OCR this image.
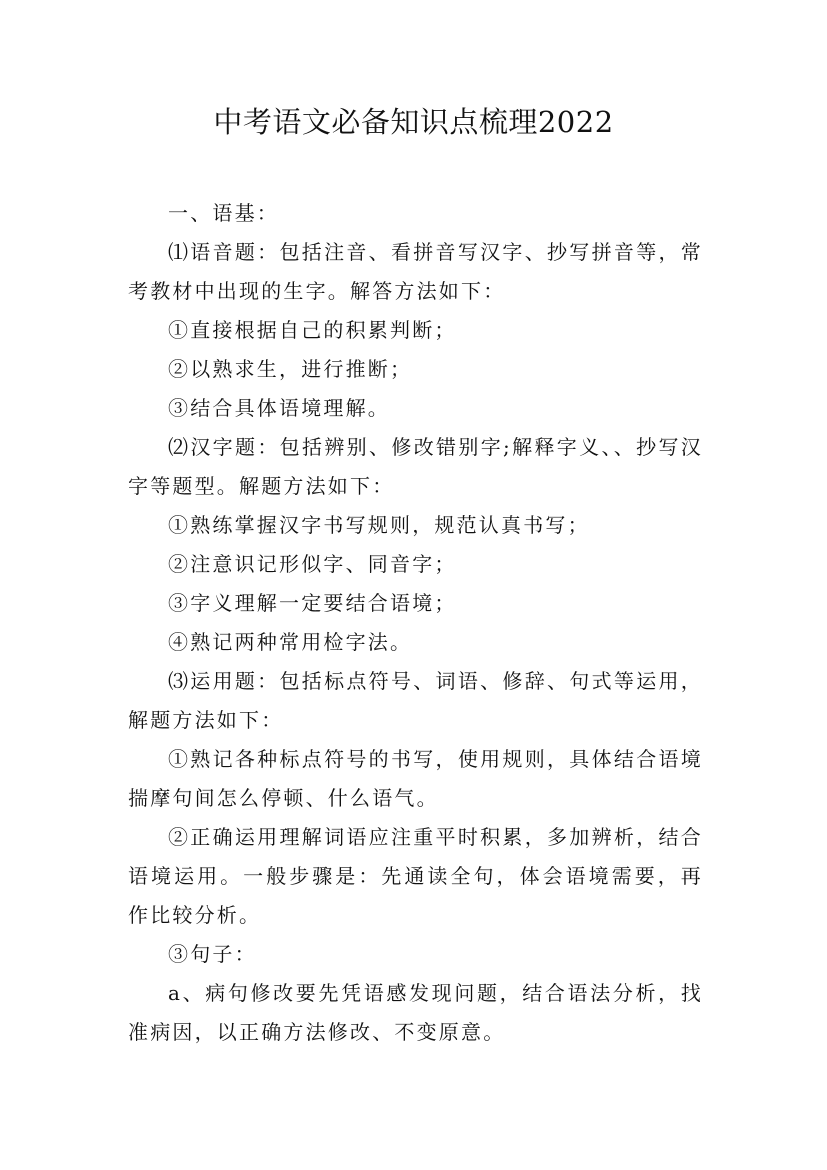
中考语文必备知识点梳理2022

一、语基：

⑴语音题：包括注音、看拼音写汉字、抄写拼音等，常考教材中出现的生字。解答方法如下：

①直接根据自己的积累判断；

②以熟求生，进行推断；

③结合具体语境理解。

⑵汉字题：包括辨别、修改错别字;解释字义、、抄写汉字等题型。解题方法如下：

①熟练掌握汉字书写规则，规范认真书写；

②注意识记形似字、同音字；

③字义理解一定要结合语境；

④熟记两种常用检字法。

⑶运用题：包括标点符号、词语、修辞、句式等运用，解题方法如下：

①熟记各种标点符号的书写，使用规则，具体结合语境揣摩句间怎么停顿、什么语气。

②正确运用理解词语应注重平时积累，多加辨析，结合语境运用。一般步骤是：先通读全句，体会语境需要，再作比较分析。

③句子：

a、病句修改要先凭语感发现问题，结合语法分析，找准病因，以正确方法修改、不变原意。
